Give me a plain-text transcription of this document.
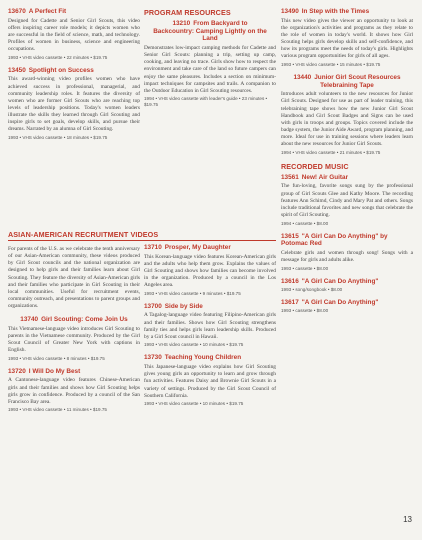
13670 A Perfect Fit
Designed for Cadette and Senior Girl Scouts, this video offers inspiring career role models; it depicts women who are successful in the field of science, math, and technology. Profiles of women in business, science and engineering occupations.
1993 • VHS video cassette • 22 minutes • $19.75
13450 Spotlight on Success
This award-winning video profiles women who have achieved success in professional, managerial, and community leadership roles. It features the diversity of women who are former Girl Scouts who are reaching top levels of leadership positions. Today's women leaders illustrate the skills they learned through Girl Scouting and inspire girls to set goals, develop skills, and pursue their dreams. Narrated by an alumna of Girl Scouting.
1993 • VHS video cassette • 18 minutes • $19.75
PROGRAM RESOURCES
13210 From Backyard to Backcountry: Camping Lightly on the Land
Demonstrates low-impact camping methods for Cadette and Senior Girl Scouts: planning a trip, setting up camp, cooking, and leaving no trace. Girls show how to respect the environment and take care of the land so future campers can enjoy the same pleasures. Includes a section on minimum-impact techniques for campsites and trails. A companion to the Outdoor Education in Girl Scouting resources.
1994 • VHS video cassette with leader's guide • 23 minutes • $19.75
13490 In Step with the Times
This new video gives the viewer an opportunity to look at the organization's activities and programs as they relate to the role of women in today's world. It shows how Girl Scouting helps girls develop skills and self-confidence, and how its programs meet the needs of today's girls. Highlights various program opportunities for girls of all ages.
1993 • VHS video cassette • 15 minutes • $19.75
13440 Junior Girl Scout Resources Telebraining Tape
Introduces adult volunteers to the new resources for Junior Girl Scouts. Designed for use as part of leader training, this telebraining tape shows how the new Junior Girl Scout Handbook and Girl Scout Badges and Signs can be used with girls in troops and groups. Topics covered include the badge system, the Junior Aide Award, program planning, and more. Ideal for use in training sessions where leaders learn about the new resources for Junior Girl Scouts.
1994 • VHS video cassette • 21 minutes • $19.75
RECORDED MUSIC
13561 New! Air Guitar
The fun-loving, favorite songs sung by the professional group of Girl Scouts Glee and Kathy Moore. The recording features Ann Schimd, Cindy and Mary Pat and others. Songs include traditional favorites and new songs that celebrate the spirit of Girl Scouting.
1994 • cassette • $8.00
13615 "A Girl Can Do Anything" by Potomac Red
Celebrate girls and women through song! Songs with a message for girls and adults alike.
1993 • cassette • $8.00
13616 "A Girl Can Do Anything"
1993 • song/songbook • $8.00
13617 "A Girl Can Do Anything"
1993 • cassette • $8.00
ASIAN-AMERICAN RECRUITMENT VIDEOS
For parents of the U.S. as we celebrate the tenth anniversary of our Asian-American community, these videos produced by Girl Scout councils and the national organization are designed to help girls and their families learn about Girl Scouting. They feature the diversity of Asian-American girls and their families who participate in Girl Scouting in their local communities. Useful for recruitment events, community outreach, and presentations to parent groups and organizations.
13740 Girl Scouting: Come Join Us
This Vietnamese-language video introduces Girl Scouting to parents in the Vietnamese community. Produced by the Girl Scout Council of Greater New York with captions in English.
1993 • VHS video cassette • 8 minutes • $19.75
13720 I Will Do My Best
A Cantonese-language video features Chinese-American girls and their families and shows how Girl Scouting helps girls grow in confidence. Produced by a council of the San Francisco Bay area.
1993 • VHS video cassette • 11 minutes • $19.75
13710 Prosper, My Daughter
This Korean-language video features Korean-American girls and the adults who help them grow. Explains the values of Girl Scouting and shows how families can become involved in the organization. Produced by a council in the Los Angeles area.
1993 • VHS video cassette • 9 minutes • $19.75
13700 Side by Side
A Tagalog-language video featuring Filipino-American girls and their families. Shows how Girl Scouting strengthens family ties and helps girls learn leadership skills. Produced by a Girl Scout council in Hawaii.
1993 • VHS video cassette • 10 minutes • $19.75
13730 Teaching Young Children
This Japanese-language video explains how Girl Scouting gives young girls an opportunity to learn and grow through fun activities. Features Daisy and Brownie Girl Scouts in a variety of settings. Produced by the Girl Scout Council of Southern California.
1993 • VHS video cassette • 10 minutes • $19.75
13
